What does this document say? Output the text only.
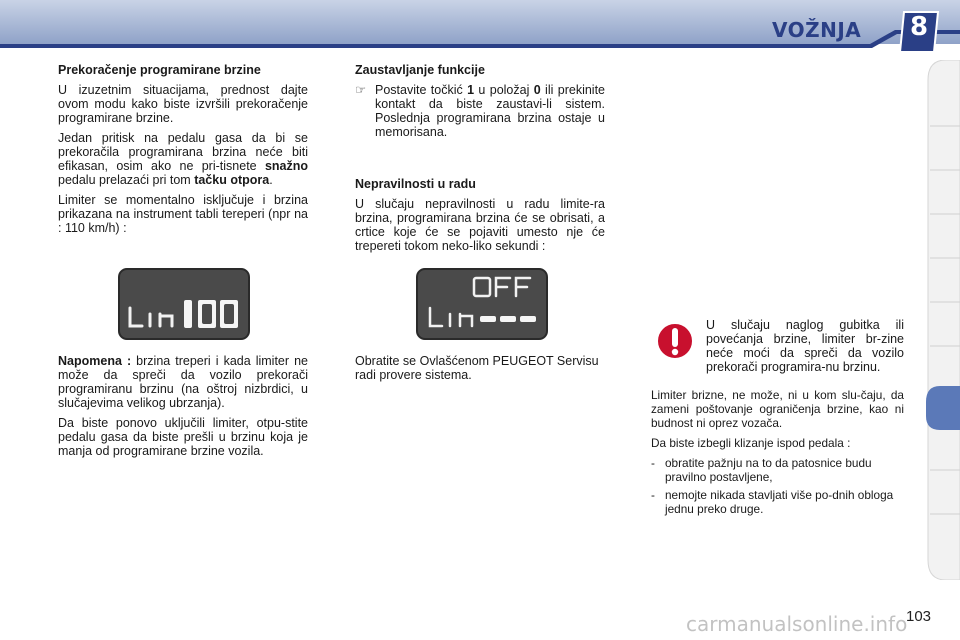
VOŽNJA	8
Prekoračenje programirane brzine

U izuzetnim situacijama, prednost dajte ovom modu kako biste izvršili prekoračenje programirane brzine.

Jedan pritisk na pedalu gasa da bi se prekoračila programirana brzina neće biti efikasan, osim ako ne pri-tisnete snažno pedalu prelazaći pri tom tačku otpora.

Limiter se momentalno isključuje i brzina prikazana na instrument tabli tereperi (npr na : 110 km/h) :

Napomena : brzina treperi i kada limiter ne može da spreči da vozilo prekorači programiranu brzinu (na oštroj nizbrdici, u slučajevima velikog ubrzanja).

Da biste ponovo uključili limiter, otpu-stite pedalu gasa da biste prešli u brzinu koja je manja od programirane brzine vozila.

Zaustavljanje funkcije
☞ Postavite točkić 1 u položaj 0 ili prekinite kontakt da biste zaustavi-li sistem. Poslednja programirana brzina ostaje u memorisana.

Nepravilnosti u radu

U slučaju nepravilnosti u radu limite-ra brzina, programirana brzina će se obrisati, a crtice koje će se pojaviti umesto nje će trepereti tokom neko-liko sekundi :

Obratite se Ovlašćenom PEUGEOT Servisu radi provere sistema.

U slučaju naglog gubitka ili povećanja brzine, limiter br-zine neće moći da spreči da vozilo prekorači programira-nu brzinu.

Limiter brizne, ne može, ni u kom slu-čaju, da zameni poštovanje ograničenja brzine, kao ni budnost ni oprez vozača.

Da biste izbegli klizanje ispod pedala :

- obratite pažnju na to da patosnice budu pravilno postavljene,
- nemojte nikada stavljati više po-dnih obloga jednu preko druge.
103
carmanualsonline.info
